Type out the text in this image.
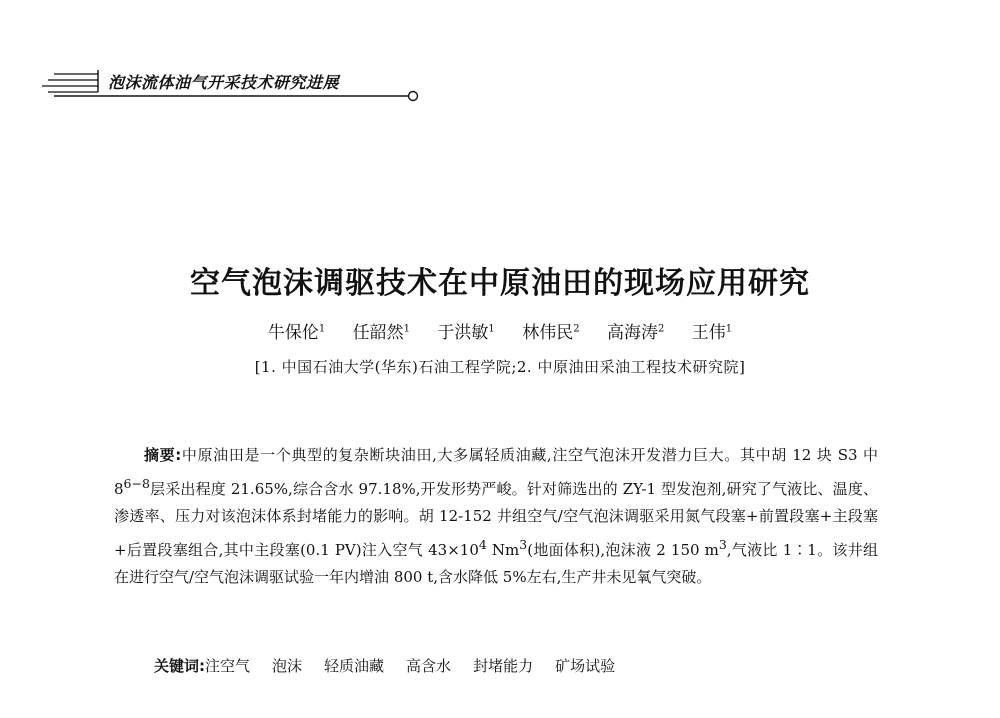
泡沫流体油气开采技术研究进展
空气泡沫调驱技术在中原油田的现场应用研究
牛保伦$^1$ 任韶然$^1$ 于洪敏$^1$ 林伟民$^2$ 高海涛$^2$ 王伟$^1$
[1. 中国石油大学(华东)石油工程学院;2. 中原油田采油工程技术研究院]

摘要:中原油田是一个典型的复杂断块油田,大多属轻质油藏,注空气泡沫开发潜力巨大。其中胡 12 块 S3 中 $8^{6-8}$层采出程度 21.65%,综合含水 97.18%,开发形势严峻。针对筛选出的 ZY-1 型发泡剂,研究了气液比、温度、渗透率、压力对该泡沫体系封堵能力的影响。胡 12-152 井组空气/空气泡沫调驱采用氮气段塞+前置段塞+主段塞+后置段塞组合,其中主段塞(0.1 PV)注入空气 $43\times 10^4$ Nm$^3$(地面体积),泡沫液 2 150 $m^3$,气液比 1∶1。该井组在进行空气/空气泡沫调驱试验一年内增油 800 t,含水降低 5%左右,生产井未见氧气突破。

关键词:注空气 泡沫 轻质油藏 高含水 封堵能力 矿场试验
